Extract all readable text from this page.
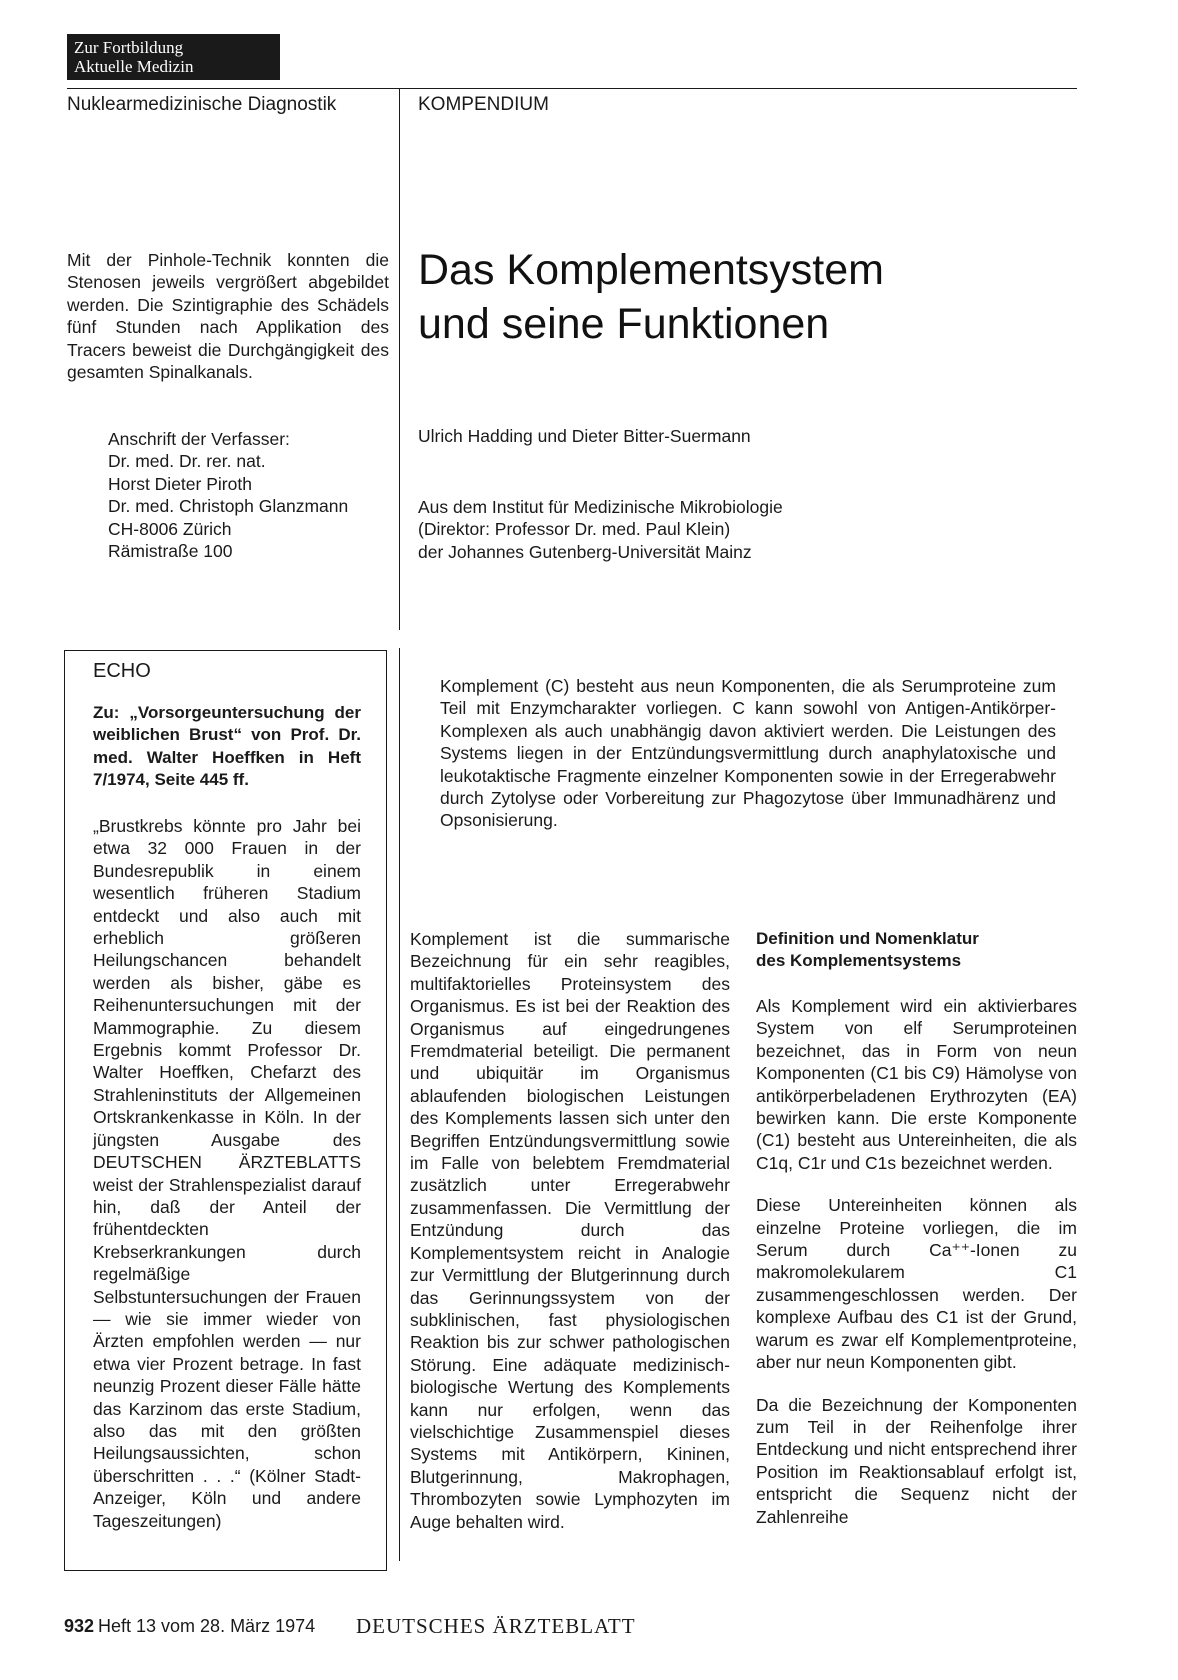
Zur Fortbildung
Aktuelle Medizin
Nuklearmedizinische Diagnostik	KOMPENDIUM
Mit der Pinhole-Technik konnten die Stenosen jeweils vergrößert abgebildet werden. Die Szintigraphie des Schädels fünf Stunden nach Applikation des Tracers beweist die Durchgängigkeit des gesamten Spinalkanals.
Anschrift der Verfasser:
Dr. med. Dr. rer. nat.
Horst Dieter Piroth
Dr. med. Christoph Glanzmann
CH-8006 Zürich
Rämistraße 100
Das Komplementsystem
und seine Funktionen
Ulrich Hadding und Dieter Bitter-Suermann
Aus dem Institut für Medizinische Mikrobiologie
(Direktor: Professor Dr. med. Paul Klein)
der Johannes Gutenberg-Universität Mainz
ECHO
Zu: „Vorsorgeuntersuchung der weiblichen Brust“ von Prof. Dr. med. Walter Hoeffken in Heft 7/1974, Seite 445 ff.
„Brustkrebs könnte pro Jahr bei etwa 32 000 Frauen in der Bundesrepublik in einem wesentlich früheren Stadium entdeckt und also auch mit erheblich größeren Heilungschancen behandelt werden als bisher, gäbe es Reihenuntersuchungen mit der Mammographie. Zu diesem Ergebnis kommt Professor Dr. Walter Hoeffken, Chefarzt des Strahleninstituts der Allgemeinen Ortskrankenkasse in Köln. In der jüngsten Ausgabe des DEUTSCHEN ÄRZTEBLATTS weist der Strahlenspezialist darauf hin, daß der Anteil der frühentdeckten Krebserkrankungen durch regelmäßige Selbstuntersuchungen der Frauen — wie sie immer wieder von Ärzten empfohlen werden — nur etwa vier Prozent betrage. In fast neunzig Prozent dieser Fälle hätte das Karzinom das erste Stadium, also das mit den größten Heilungsaussichten, schon überschritten . . .“ (Kölner Stadt-Anzeiger, Köln und andere Tageszeitungen)
Komplement (C) besteht aus neun Komponenten, die als Serumproteine zum Teil mit Enzymcharakter vorliegen. C kann sowohl von Antigen-Antikörper-Komplexen als auch unabhängig davon aktiviert werden. Die Leistungen des Systems liegen in der Entzündungsvermittlung durch anaphylatoxische und leukotaktische Fragmente einzelner Komponenten sowie in der Erregerabwehr durch Zytolyse oder Vorbereitung zur Phagozytose über Immunadhärenz und Opsonisierung.
Komplement ist die summarische Bezeichnung für ein sehr reagibles, multifaktorielles Proteinsystem des Organismus. Es ist bei der Reaktion des Organismus auf eingedrungenes Fremdmaterial beteiligt. Die permanent und ubiquitär im Organismus ablaufenden biologischen Leistungen des Komplements lassen sich unter den Begriffen Entzündungsvermittlung sowie im Falle von belebtem Fremdmaterial zusätzlich unter Erregerabwehr zusammenfassen. Die Vermittlung der Entzündung durch das Komplementsystem reicht in Analogie zur Vermittlung der Blutgerinnung durch das Gerinnungssystem von der subklinischen, fast physiologischen Reaktion bis zur schwer pathologischen Störung. Eine adäquate medizinisch-biologische Wertung des Komplements kann nur erfolgen, wenn das vielschichtige Zusammenspiel dieses Systems mit Antikörpern, Kininen, Blutgerinnung, Makrophagen, Thrombozyten sowie Lymphozyten im Auge behalten wird.
Definition und Nomenklatur
des Komplementsystems

Als Komplement wird ein aktivierbares System von elf Serumproteinen bezeichnet, das in Form von neun Komponenten (C1 bis C9) Hämolyse von antikörperbeladenen Erythrozyten (EA) bewirken kann. Die erste Komponente (C1) besteht aus Untereinheiten, die als C1q, C1r und C1s bezeichnet werden.

Diese Untereinheiten können als einzelne Proteine vorliegen, die im Serum durch Ca⁺⁺-Ionen zu makromolekularem C1 zusammengeschlossen werden. Der komplexe Aufbau des C1 ist der Grund, warum es zwar elf Komplementproteine, aber nur neun Komponenten gibt.

Da die Bezeichnung der Komponenten zum Teil in der Reihenfolge ihrer Entdeckung und nicht entsprechend ihrer Position im Reaktionsablauf erfolgt ist, entspricht die Sequenz nicht der Zahlenreihe

932 Heft 13 vom 28. März 1974 DEUTSCHES ÄRZTEBLATT
